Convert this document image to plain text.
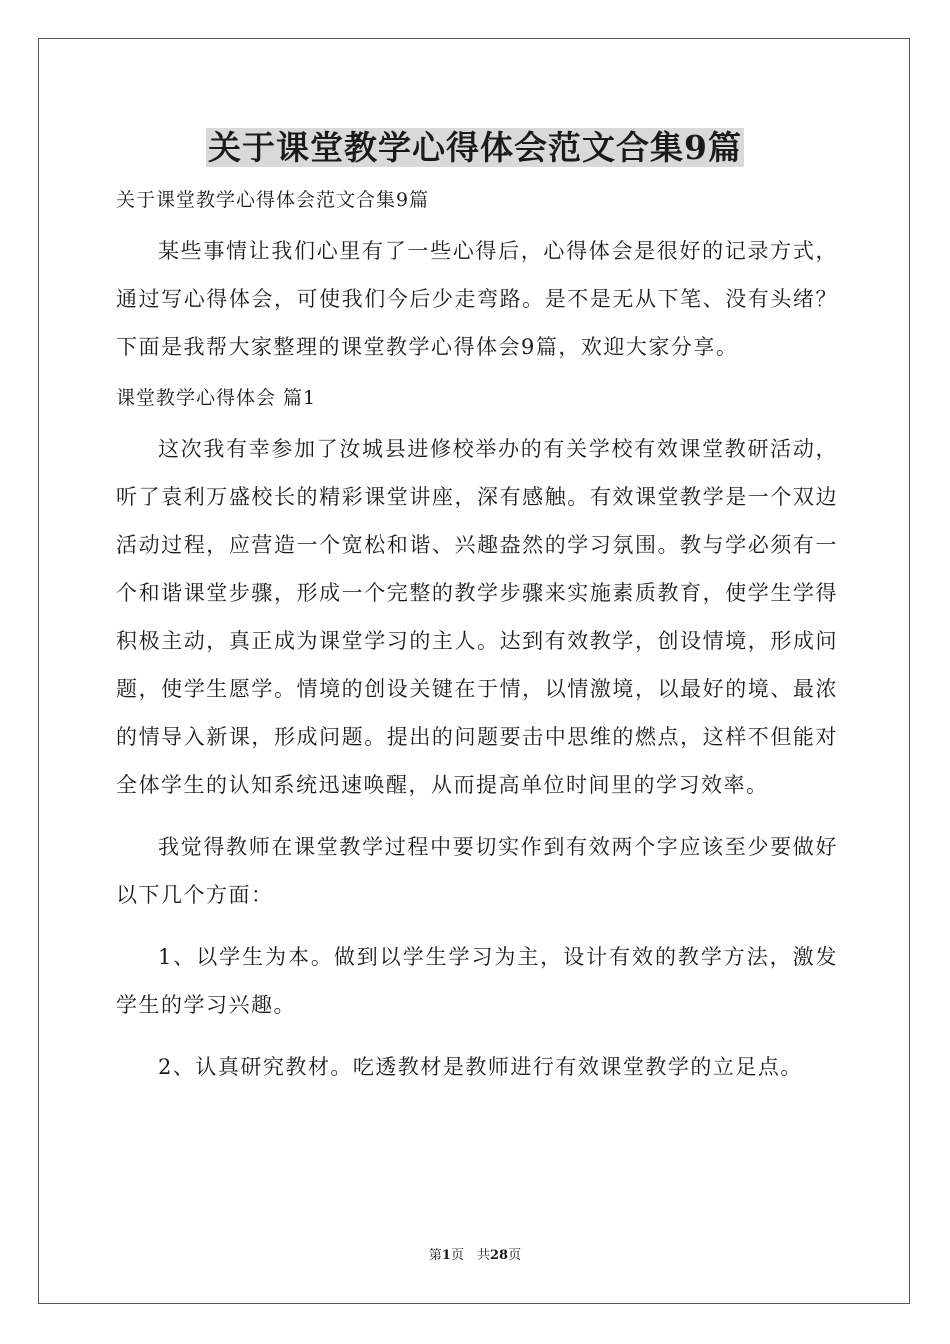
关于课堂教学心得体会范文合集9篇

关于课堂教学心得体会范文合集9篇

某些事情让我们心里有了一些心得后，心得体会是很好的记录方式，通过写心得体会，可使我们今后少走弯路。是不是无从下笔、没有头绪？下面是我帮大家整理的课堂教学心得体会9篇，欢迎大家分享。

课堂教学心得体会 篇1

这次我有幸参加了汝城县进修校举办的有关学校有效课堂教研活动，听了袁利万盛校长的精彩课堂讲座，深有感触。有效课堂教学是一个双边活动过程，应营造一个宽松和谐、兴趣盎然的学习氛围。教与学必须有一个和谐课堂步骤，形成一个完整的教学步骤来实施素质教育，使学生学得积极主动，真正成为课堂学习的主人。达到有效教学，创设情境，形成问题，使学生愿学。情境的创设关键在于情，以情激境，以最好的境、最浓的情导入新课，形成问题。提出的问题要击中思维的燃点，这样不但能对全体学生的认知系统迅速唤醒，从而提高单位时间里的学习效率。

我觉得教师在课堂教学过程中要切实作到有效两个字应该至少要做好以下几个方面：

1、以学生为本。做到以学生学习为主，设计有效的教学方法，激发学生的学习兴趣。

2、认真研究教材。吃透教材是教师进行有效课堂教学的立足点。

第1页　共28页
